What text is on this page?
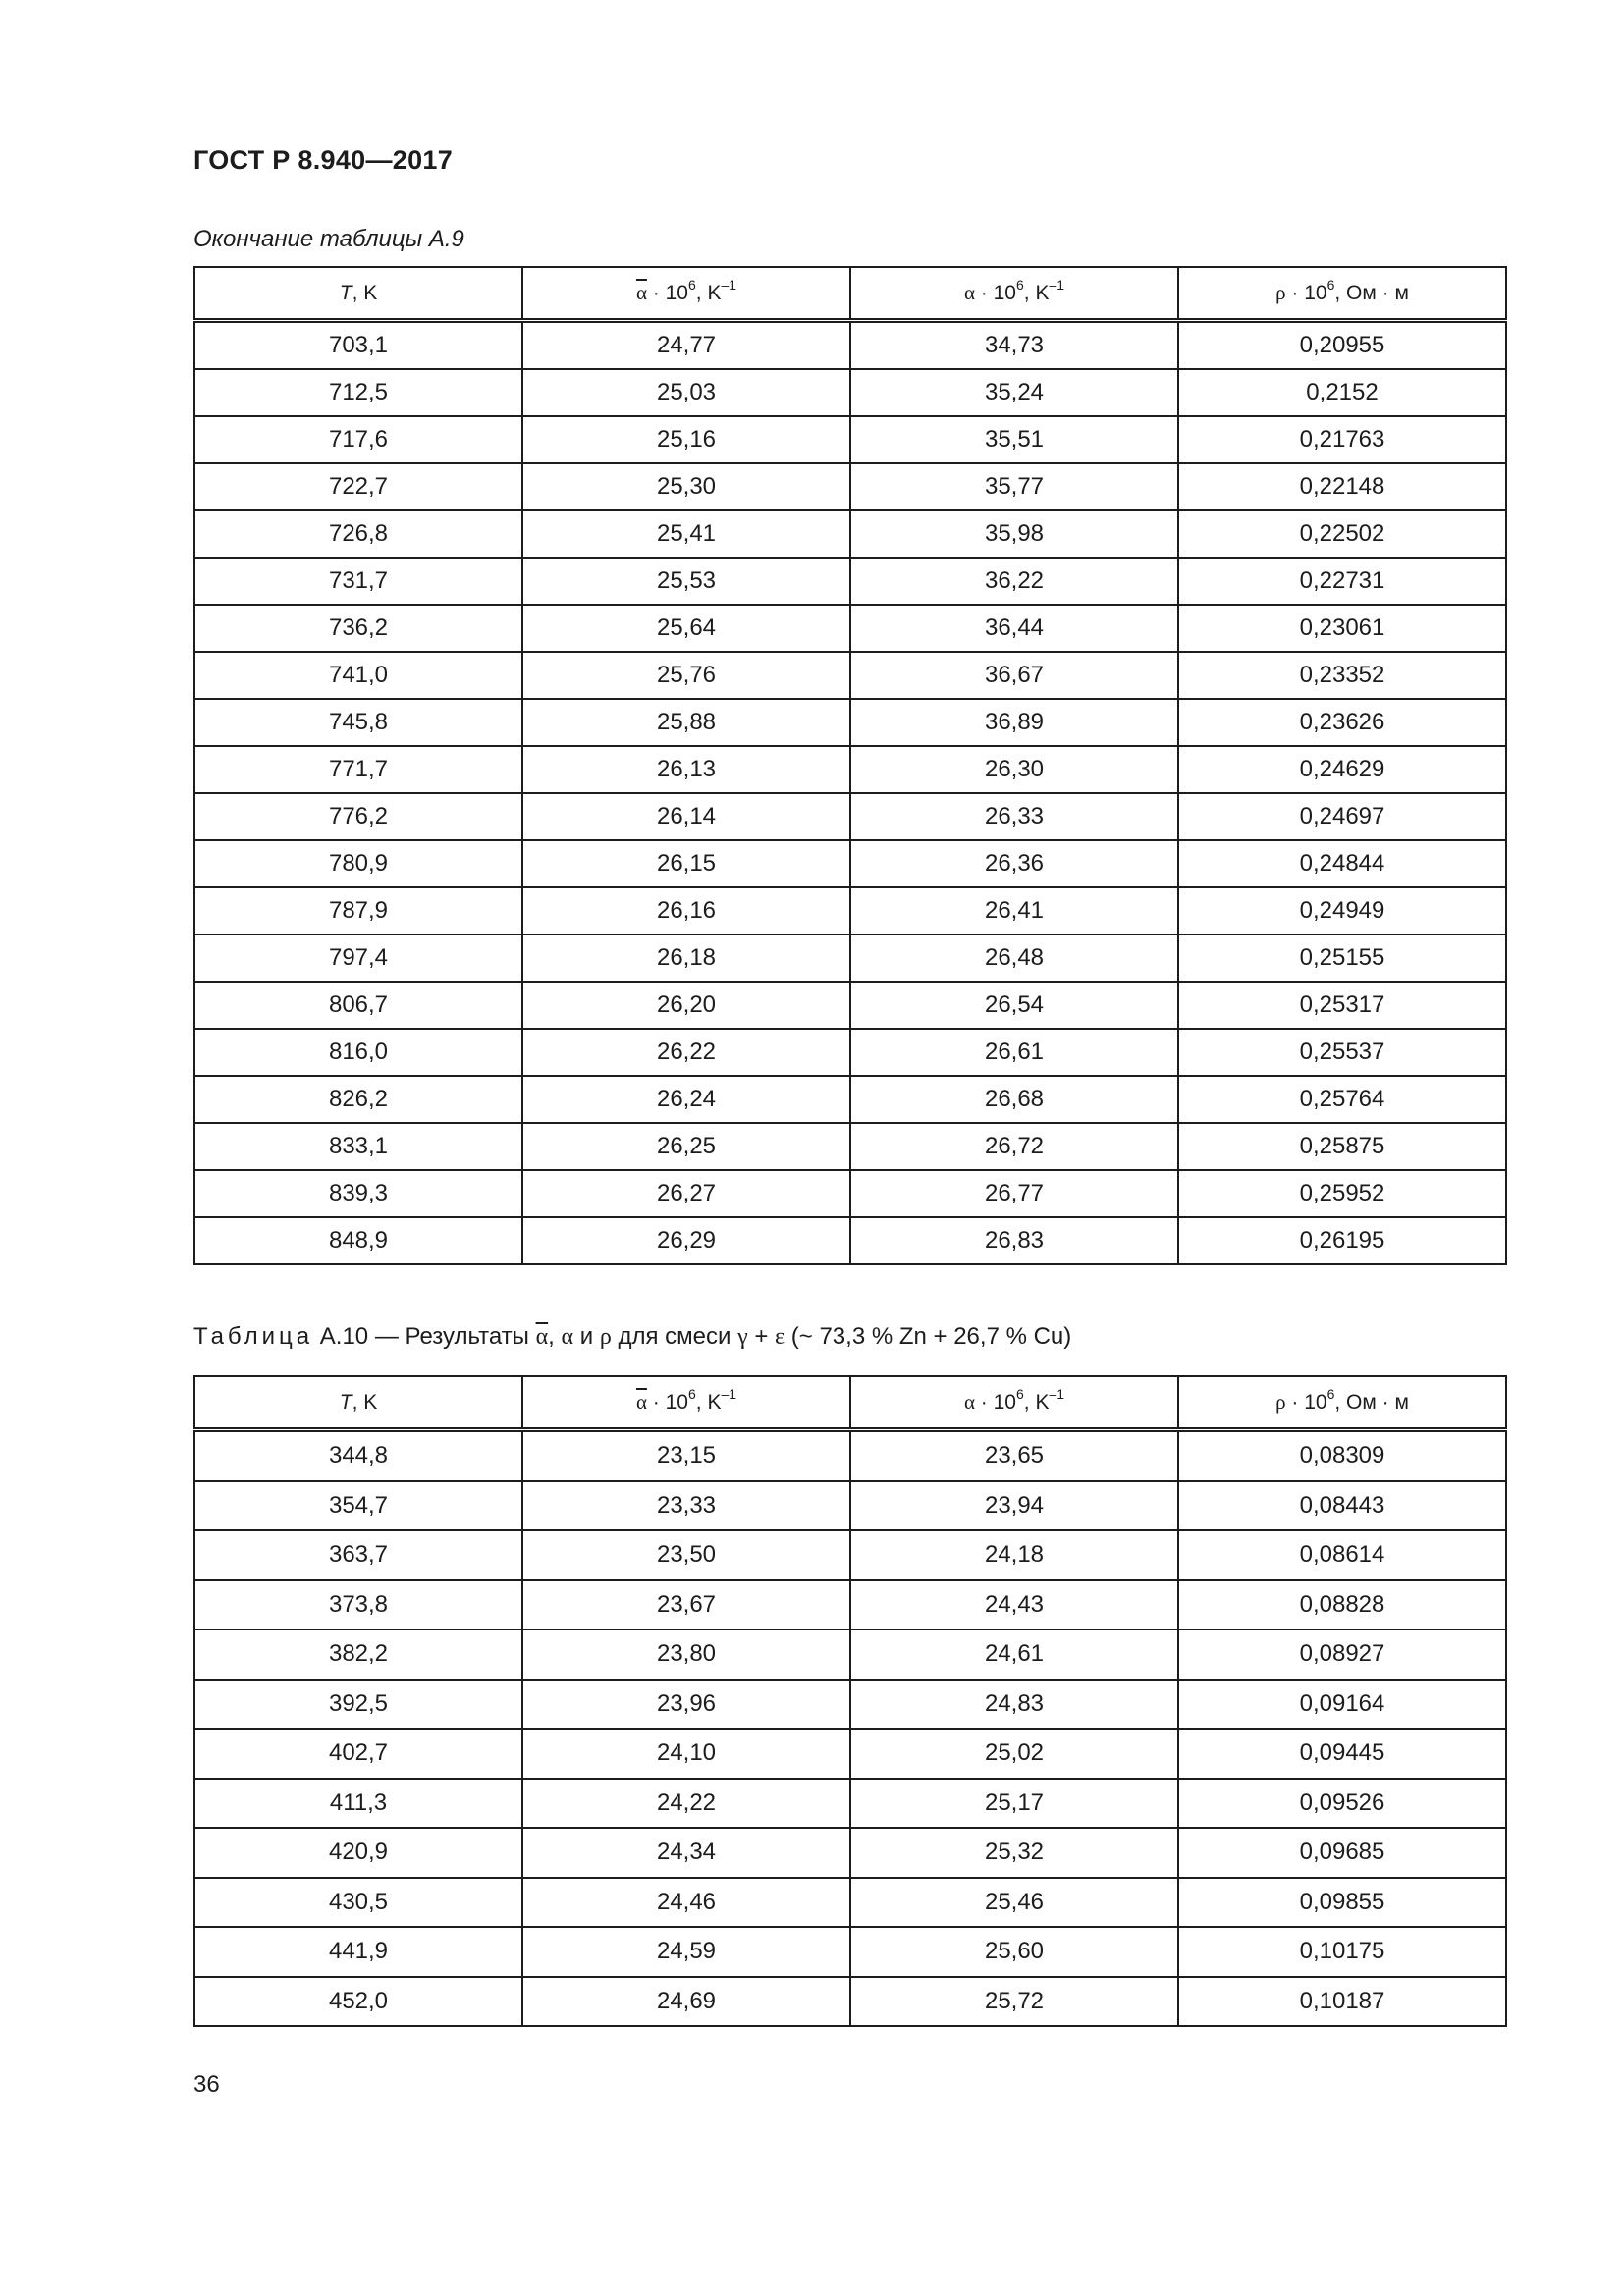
ГОСТ Р 8.940—2017
Окончание таблицы А.9
T, K	$\overline{\alpha} \cdot 10^6$, $K^{-1}$	$\alpha \cdot 10^6$, $K^{-1}$	$\rho \cdot 10^6$, Ом · м
703,1	24,77	34,73	0,20955
712,5	25,03	35,24	0,2152
717,6	25,16	35,51	0,21763
722,7	25,30	35,77	0,22148
726,8	25,41	35,98	0,22502
731,7	25,53	36,22	0,22731
736,2	25,64	36,44	0,23061
741,0	25,76	36,67	0,23352
745,8	25,88	36,89	0,23626
771,7	26,13	26,30	0,24629
776,2	26,14	26,33	0,24697
780,9	26,15	26,36	0,24844
787,9	26,16	26,41	0,24949
797,4	26,18	26,48	0,25155
806,7	26,20	26,54	0,25317
816,0	26,22	26,61	0,25537
826,2	26,24	26,68	0,25764
833,1	26,25	26,72	0,25875
839,3	26,27	26,77	0,25952
848,9	26,29	26,83	0,26195
Таблица А.10 — Результаты $\overline{\alpha}$, α и ρ для смеси γ + ε (~ 73,3 % Zn + 26,7 % Cu)
T, K	$\overline{\alpha} \cdot 10^6$, $K^{-1}$	$\alpha \cdot 10^6$, $K^{-1}$	$\rho \cdot 10^6$, Ом · м
344,8	23,15	23,65	0,08309
354,7	23,33	23,94	0,08443
363,7	23,50	24,18	0,08614
373,8	23,67	24,43	0,08828
382,2	23,80	24,61	0,08927
392,5	23,96	24,83	0,09164
402,7	24,10	25,02	0,09445
411,3	24,22	25,17	0,09526
420,9	24,34	25,32	0,09685
430,5	24,46	25,46	0,09855
441,9	24,59	25,60	0,10175
452,0	24,69	25,72	0,10187
36
